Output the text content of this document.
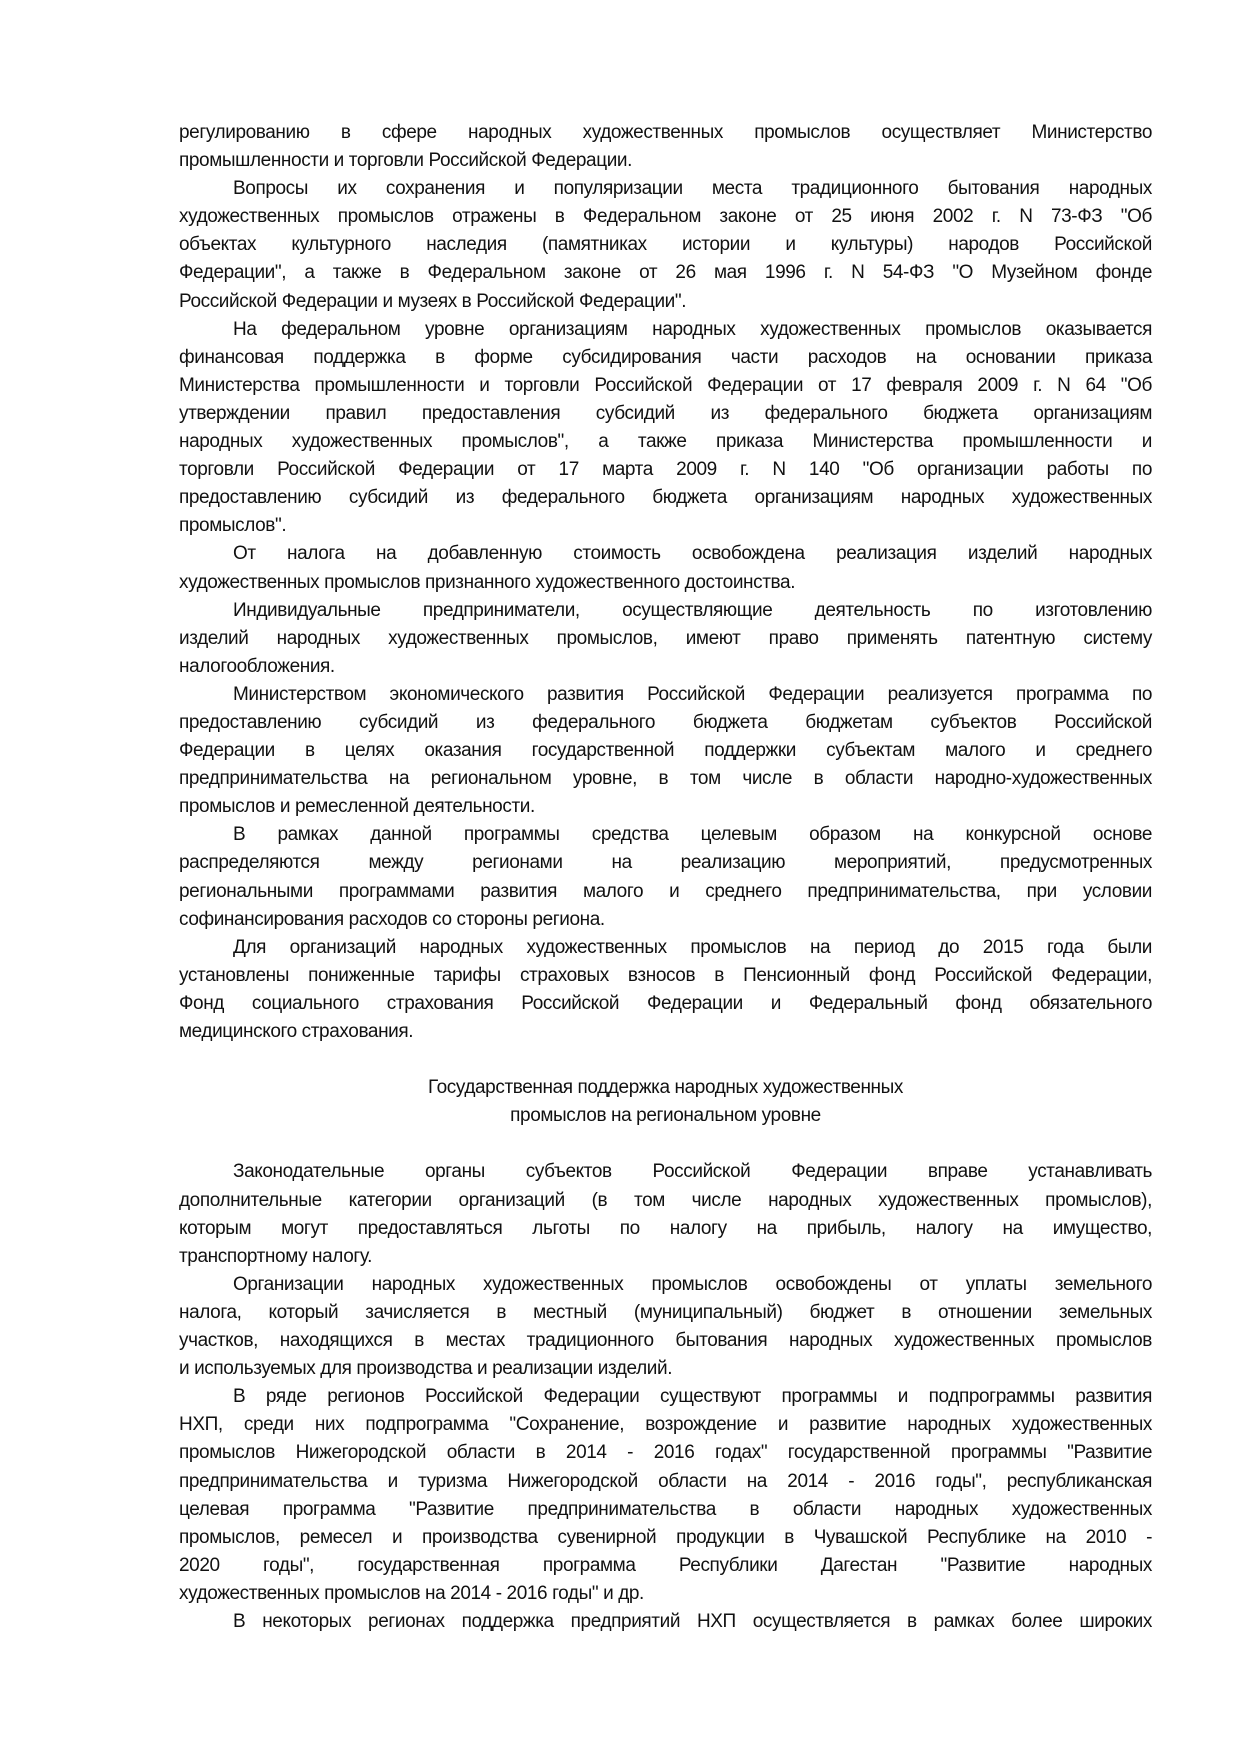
регулированию в сфере народных художественных промыслов осуществляет Министерство
промышленности и торговли Российской Федерации.
Вопросы их сохранения и популяризации места традиционного бытования народных
художественных промыслов отражены в Федеральном законе от 25 июня 2002 г. N 73-ФЗ "Об
объектах культурного наследия (памятниках истории и культуры) народов Российской
Федерации", а также в Федеральном законе от 26 мая 1996 г. N 54-ФЗ "О Музейном фонде
Российской Федерации и музеях в Российской Федерации".
На федеральном уровне организациям народных художественных промыслов оказывается
финансовая поддержка в форме субсидирования части расходов на основании приказа
Министерства промышленности и торговли Российской Федерации от 17 февраля 2009 г. N 64 "Об
утверждении правил предоставления субсидий из федерального бюджета организациям
народных художественных промыслов", а также приказа Министерства промышленности и
торговли Российской Федерации от 17 марта 2009 г. N 140 "Об организации работы по
предоставлению субсидий из федерального бюджета организациям народных художественных
промыслов".
От налога на добавленную стоимость освобождена реализация изделий народных
художественных промыслов признанного художественного достоинства.
Индивидуальные предприниматели, осуществляющие деятельность по изготовлению
изделий народных художественных промыслов, имеют право применять патентную систему
налогообложения.
Министерством экономического развития Российской Федерации реализуется программа по
предоставлению субсидий из федерального бюджета бюджетам субъектов Российской
Федерации в целях оказания государственной поддержки субъектам малого и среднего
предпринимательства на региональном уровне, в том числе в области народно-художественных
промыслов и ремесленной деятельности.
В рамках данной программы средства целевым образом на конкурсной основе
распределяются между регионами на реализацию мероприятий, предусмотренных
региональными программами развития малого и среднего предпринимательства, при условии
софинансирования расходов со стороны региона.
Для организаций народных художественных промыслов на период до 2015 года были
установлены пониженные тарифы страховых взносов в Пенсионный фонд Российской Федерации,
Фонд социального страхования Российской Федерации и Федеральный фонд обязательного
медицинского страхования.
Государственная поддержка народных художественных
промыслов на региональном уровне
Законодательные органы субъектов Российской Федерации вправе устанавливать
дополнительные категории организаций (в том числе народных художественных промыслов),
которым могут предоставляться льготы по налогу на прибыль, налогу на имущество,
транспортному налогу.
Организации народных художественных промыслов освобождены от уплаты земельного
налога, который зачисляется в местный (муниципальный) бюджет в отношении земельных
участков, находящихся в местах традиционного бытования народных художественных промыслов
и используемых для производства и реализации изделий.
В ряде регионов Российской Федерации существуют программы и подпрограммы развития
НХП, среди них подпрограмма "Сохранение, возрождение и развитие народных художественных
промыслов Нижегородской области в 2014 - 2016 годах" государственной программы "Развитие
предпринимательства и туризма Нижегородской области на 2014 - 2016 годы", республиканская
целевая программа "Развитие предпринимательства в области народных художественных
промыслов, ремесел и производства сувенирной продукции в Чувашской Республике на 2010 -
2020 годы", государственная программа Республики Дагестан "Развитие народных
художественных промыслов на 2014 - 2016 годы" и др.
В некоторых регионах поддержка предприятий НХП осуществляется в рамках более широких
